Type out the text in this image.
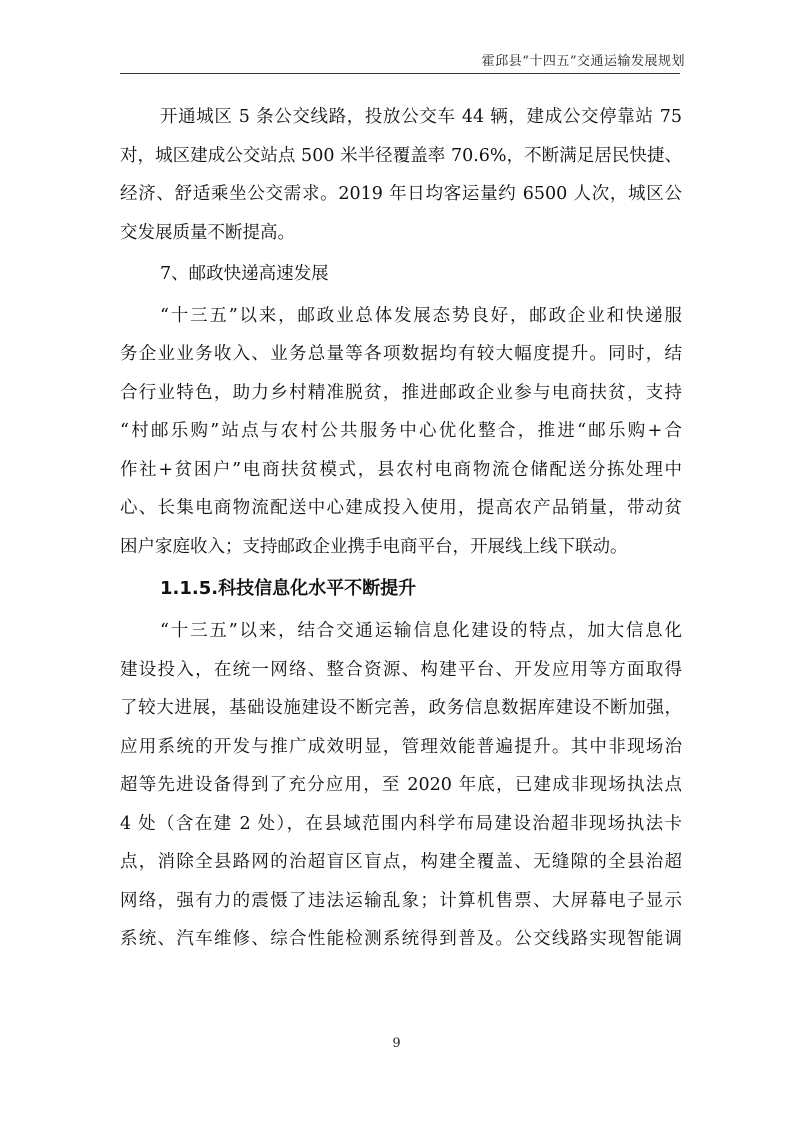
霍邱县“十四五”交通运输发展规划
开通城区 5 条公交线路，投放公交车 44 辆，建成公交停靠站 75
对，城区建成公交站点 500 米半径覆盖率 70.6%，不断满足居民快捷、
经济、舒适乘坐公交需求。2019 年日均客运量约 6500 人次，城区公
交发展质量不断提高。
7、邮政快递高速发展
“十三五”以来，邮政业总体发展态势良好，邮政企业和快递服
务企业业务收入、业务总量等各项数据均有较大幅度提升。同时，结
合行业特色，助力乡村精准脱贫，推进邮政企业参与电商扶贫，支持
“村邮乐购”站点与农村公共服务中心优化整合，推进“邮乐购+合
作社+贫困户”电商扶贫模式，县农村电商物流仓储配送分拣处理中
心、长集电商物流配送中心建成投入使用，提高农产品销量，带动贫
困户家庭收入；支持邮政企业携手电商平台，开展线上线下联动。
1.1.5.科技信息化水平不断提升
“十三五”以来，结合交通运输信息化建设的特点，加大信息化
建设投入，在统一网络、整合资源、构建平台、开发应用等方面取得
了较大进展，基础设施建设不断完善，政务信息数据库建设不断加强，
应用系统的开发与推广成效明显，管理效能普遍提升。其中非现场治
超等先进设备得到了充分应用，至 2020 年底，已建成非现场执法点
4 处（含在建 2 处），在县域范围内科学布局建设治超非现场执法卡
点，消除全县路网的治超盲区盲点，构建全覆盖、无缝隙的全县治超
网络，强有力的震慑了违法运输乱象；计算机售票、大屏幕电子显示
系统、汽车维修、综合性能检测系统得到普及。公交线路实现智能调
9
